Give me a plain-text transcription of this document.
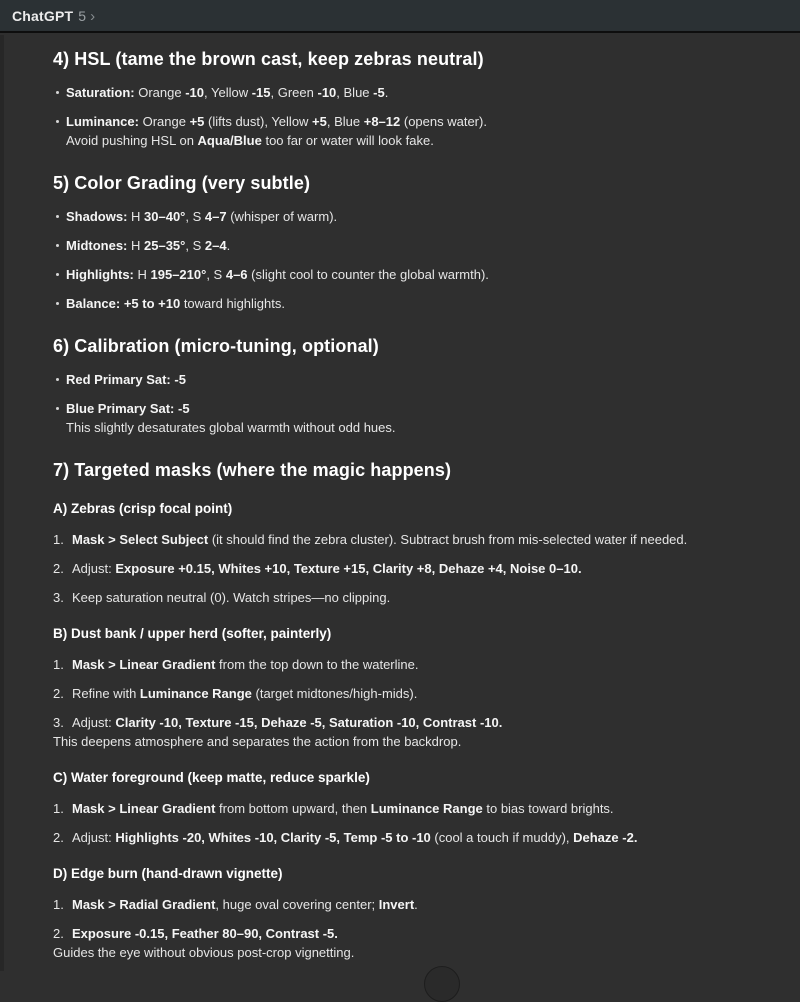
ChatGPT 5 ›
4) HSL (tame the brown cast, keep zebras neutral)
Saturation: Orange -10, Yellow -15, Green -10, Blue -5.
Luminance: Orange +5 (lifts dust), Yellow +5, Blue +8–12 (opens water).
Avoid pushing HSL on Aqua/Blue too far or water will look fake.
5) Color Grading (very subtle)
Shadows: H 30–40°, S 4–7 (whisper of warm).
Midtones: H 25–35°, S 2–4.
Highlights: H 195–210°, S 4–6 (slight cool to counter the global warmth).
Balance: +5 to +10 toward highlights.
6) Calibration (micro-tuning, optional)
Red Primary Sat: -5
Blue Primary Sat: -5
This slightly desaturates global warmth without odd hues.
7) Targeted masks (where the magic happens)
A) Zebras (crisp focal point)
1. Mask > Select Subject (it should find the zebra cluster). Subtract brush from mis-selected water if needed.
2. Adjust: Exposure +0.15, Whites +10, Texture +15, Clarity +8, Dehaze +4, Noise 0–10.
3. Keep saturation neutral (0). Watch stripes—no clipping.
B) Dust bank / upper herd (softer, painterly)
1. Mask > Linear Gradient from the top down to the waterline.
2. Refine with Luminance Range (target midtones/high-mids).
3. Adjust: Clarity -10, Texture -15, Dehaze -5, Saturation -10, Contrast -10.

This deepens atmosphere and separates the action from the backdrop.

C) Water foreground (keep matte, reduce sparkle)
1. Mask > Linear Gradient from bottom upward, then Luminance Range to bias toward brights.
2. Adjust: Highlights -20, Whites -10, Clarity -5, Temp -5 to -10 (cool a touch if muddy), Dehaze -2.
D) Edge burn (hand-drawn vignette)
1. Mask > Radial Gradient, huge oval covering center; Invert.
2. Exposure -0.15, Feather 80–90, Contrast -5.

Guides the eye without obvious post-crop vignetting.
